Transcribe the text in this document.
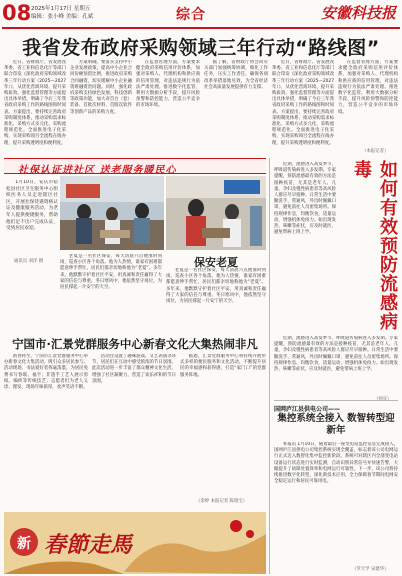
08 2025年1月17日 星期五
编辑：张小峰 美编：孔斌	综合	安徽科技报
我省发布政府采购领域三年行动“路线图”

近日，省财政厅、省发展改革委、省工业和信息化厅等部门联合印发《深化政府采购领域改革三年行动方案（2025—2027年）》，从优化营商环境、提升采购质效、强化监督管理等方面提出具体举措，明确了今后三年我省政府采购工作的路线图和时间表。方案提出，要持续完善政府采购制度体系，推动采购需求标准化、采购方式多元化、采购流程规范化。全面推进电子化采购，实现采购项目全流程在线办理，提升采购透明度和便利度。

方案明确，要落实支持中小企业发展政策，提高中小企业合同份额预留比例，推进政府采购合同融资，切实缓解中小企业融资难融资贵问题。同时，强化政府采购支持绿色发展、科技创新等政策功能，加大对首台（套）装备、首批次材料、首版次软件等创新产品的采购力度。

在监督管理方面，方案要求健全政府采购信用评价体系，加强对采购人、代理机构和供应商的信用管理，对违法违规行为依法严肃处理。推进数字化监管，利用大数据分析手段，提升风险预警和防控能力，营造公平竞争的市场环境。

据了解，省财政厅将会同有关部门加强统筹协调，细化工作任务，压实工作责任，确保各项改革举措落地见效，为全省经济社会高质量发展提供有力支撑。

近日，省财政厅、省发展改革委、省工业和信息化厅等部门联合印发《深化政府采购领域改革三年行动方案（2025—2027年）》，从优化营商环境、提升采购质效、强化监督管理等方面提出具体举措，明确了今后三年我省政府采购工作的路线图和时间表。方案提出，要持续完善政府采购制度体系，推动采购需求标准化、采购方式多元化、采购流程规范化。全面推进电子化采购，实现采购项目全流程在线办理，提升采购透明度和便利度。

在监督管理方面，方案要求健全政府采购信用评价体系，加强对采购人、代理机构和供应商的信用管理，对违法违规行为依法严肃处理。推进数字化监管，利用大数据分析手段，提升风险预警和防控能力，营造公平竞争的市场环境。

（本报记者）
社保认证进社区 送老服务暖民心

1月10日，安庆市宿松县社区卫生服务中心组织医务人员走进辖区社区，开展社保待遇资格认证及健康服务活动，为老年人提供便捷服务，帮助他们足不出户完成认证，受到居民欢迎。

通讯员 刘洋 摄	保安老夏

老夏是一名社区保安，每天清晨六点便准时到岗，巡查小区各个角落。他为人热情，谁家有困难都愿意伸手帮忙，居民们都亲切地称他为“老夏”。多年来，他默默守护着社区平安，用真诚和责任赢得了大家的信任与尊重。冬日寒风中，他依然坚守岗位，为居民撑起一片安宁的天空。

老夏是一名社区保安，每天清晨六点便准时到岗，巡查小区各个角落。他为人热情，谁家有困难都愿意伸手帮忙，居民们都亲切地称他为“老夏”。多年来，他默默守护着社区平安，用真诚和责任赢得了大家的信任与尊重。冬日寒风中，他依然坚守岗位，为居民撑起一片安宁的天空。

近期，流感进入高发季节，呼吸道传染病进入多发期。专家提醒，预防流感最有效的方法是接种疫苗，尤其是老年人、儿童、孕妇及慢性病患者等高风险人群应尽早接种。日常生活中要勤洗手、常通风，外出时佩戴口罩，避免前往人员密集场所。保持规律作息，均衡饮食，适量运动，增强机体免疫力。如出现发热、咳嗽等症状，应及时就医，避免带病上班上学。	如何有效预防流感病毒

近期，流感进入高发季节，呼吸道传染病进入多发期。专家提醒，预防流感最有效的方法是接种疫苗，尤其是老年人、儿童、孕妇及慢性病患者等高风险人群应尽早接种。日常生活中要勤洗手、常通风，外出时佩戴口罩，避免前往人员密集场所。保持规律作息，均衡饮食，适量运动，增强机体免疫力。如出现发热、咳嗽等症状，应及时就医，避免带病上班上学。

宁国市·汇景党群服务中心新春文化大集热闹非凡

新春将至，宁国市汇景党群服务中心举办新春文化大集活动，吸引众多居民参与。活动现场，书法爱好者挥毫泼墨，为居民免费书写春联、福字；非遗手工艺人展示剪纸、编织等传统技艺；志愿者们为老人义诊、理发，现场年味浓厚，欢声笑语不断。

活动还设置了趣味游戏、文艺表演等环节，居民们在互动中感受浓浓的节日氛围。此次活动进一步丰富了群众精神文化生活，增强了社区凝聚力，营造了欢乐祥和的节日氛围。

据悉，汇景党群服务中心将持续开展形式多样的便民服务和文化活动，不断提升居民的幸福感和获得感，打造“家门口”的党群服务阵地。

（余婷 本报记者 陈瑞宝）
国网庐江县供电公司——
集控系统全接入 数智转型迎新年

本报讯 1月10日，随着最后一座变电站监控信息完成接入，国网庐江县供电公司集控系统实现全覆盖，标志着该公司电网运行正式迈入数智化集中监控新阶段。系统可对辖区内全部变电站设备运行状态进行实时监测，自动识别异常信号并快速告警，大幅提升了故障处置效率和电网运行可靠性。下一步，该公司将持续推进数字化转型，深化新技术应用，全力保障春节期间电网安全稳定运行和居民可靠用电。

（罗天学 宋建华）
新 春節走馬
